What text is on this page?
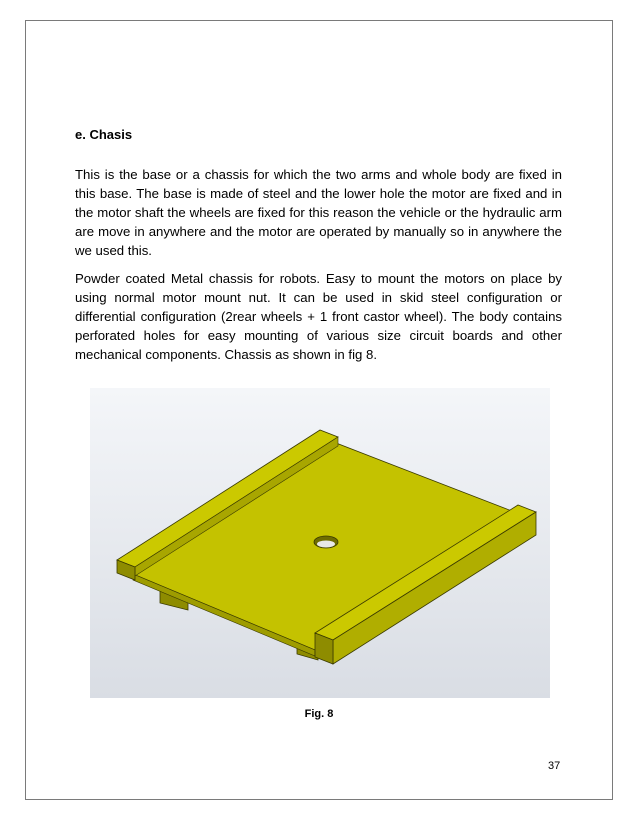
e. Chasis

This is the base or a chassis for which the two arms and whole body are fixed in this base. The base is made of steel and the lower hole the motor are fixed and in the motor shaft the wheels are fixed for this reason the vehicle or the hydraulic arm are move in anywhere and the motor are operated by manually so in anywhere the we used this.

Powder coated Metal chassis for robots. Easy to mount the motors on place by using normal motor mount nut. It can be used in skid steel configuration or differential configuration (2rear wheels + 1 front castor wheel). The body contains perforated holes for easy mounting of various size circuit boards and other mechanical components. Chassis as shown in fig 8.

Fig. 8
37
